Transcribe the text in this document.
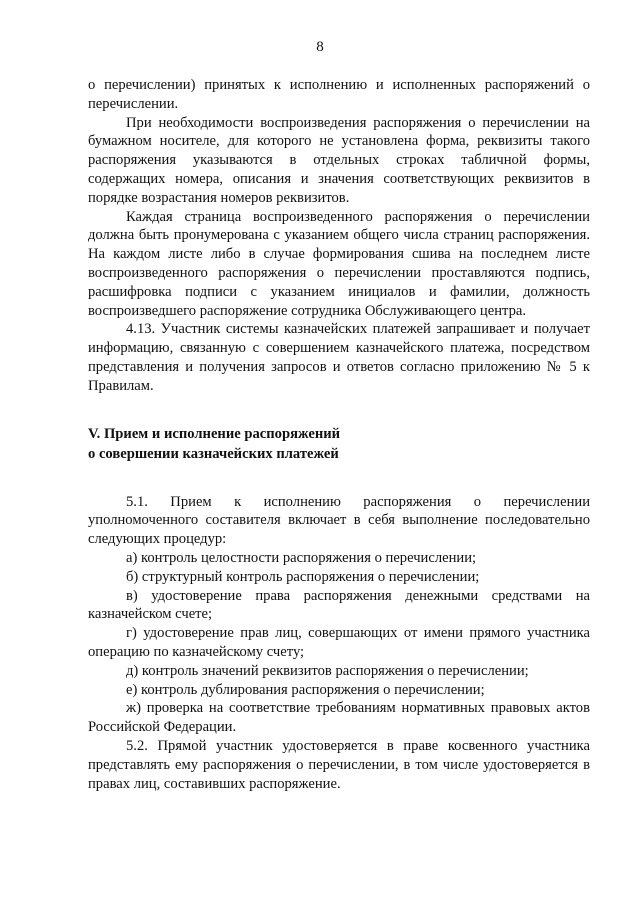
8

о перечислении) принятых к исполнению и исполненных распоряжений о перечислении.

При необходимости воспроизведения распоряжения о перечислении на бумажном носителе, для которого не установлена форма, реквизиты такого распоряжения указываются в отдельных строках табличной формы, содержащих номера, описания и значения соответствующих реквизитов в порядке возрастания номеров реквизитов.

Каждая страница воспроизведенного распоряжения о перечислении должна быть пронумерована с указанием общего числа страниц распоряжения. На каждом листе либо в случае формирования сшива на последнем листе воспроизведенного распоряжения о перечислении проставляются подпись, расшифровка подписи с указанием инициалов и фамилии, должность воспроизведшего распоряжение сотрудника Обслуживающего центра.

4.13. Участник системы казначейских платежей запрашивает и получает информацию, связанную с совершением казначейского платежа, посредством представления и получения запросов и ответов согласно приложению № 5 к Правилам.

V. Прием и исполнение распоряжений

о совершении казначейских платежей

5.1. Прием к исполнению распоряжения о перечислении уполномоченного составителя включает в себя выполнение последовательно следующих процедур:

а) контроль целостности распоряжения о перечислении;

б) структурный контроль распоряжения о перечислении;

в) удостоверение права распоряжения денежными средствами на казначейском счете;

г) удостоверение прав лиц, совершающих от имени прямого участника операцию по казначейскому счету;

д) контроль значений реквизитов распоряжения о перечислении;

е) контроль дублирования распоряжения о перечислении;

ж) проверка на соответствие требованиям нормативных правовых актов Российской Федерации.

5.2. Прямой участник удостоверяется в праве косвенного участника представлять ему распоряжения о перечислении, в том числе удостоверяется в правах лиц, составивших распоряжение.
